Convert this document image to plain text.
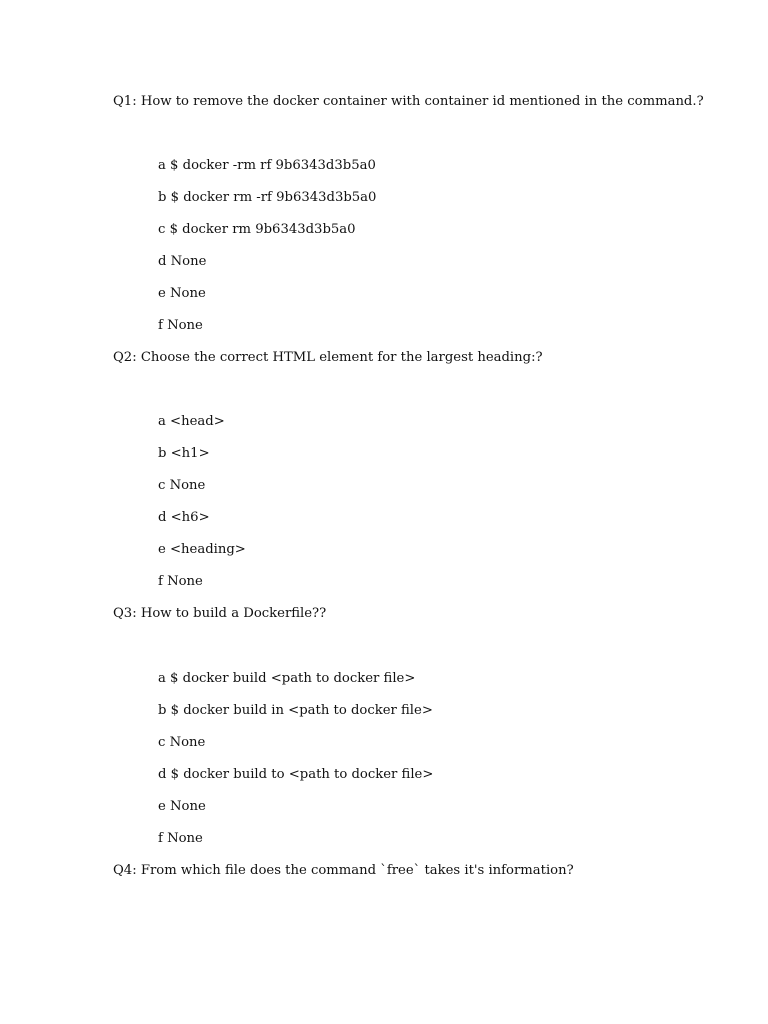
Q1: How to remove the docker container with container id mentioned in the command.?
a $ docker -rm rf 9b6343d3b5a0
b $ docker rm -rf 9b6343d3b5a0
c $ docker rm 9b6343d3b5a0
d None
e None
f None
Q2: Choose the correct HTML element for the largest heading:?
a <head>
b <h1>
c None
d <h6>
e <heading>
f None
Q3: How to build a Dockerfile??
a $ docker build <path to docker file>
b $ docker build in <path to docker file>
c None
d $ docker build to <path to docker file>
e None
f None
Q4: From which file does the command `free` takes it's information?
